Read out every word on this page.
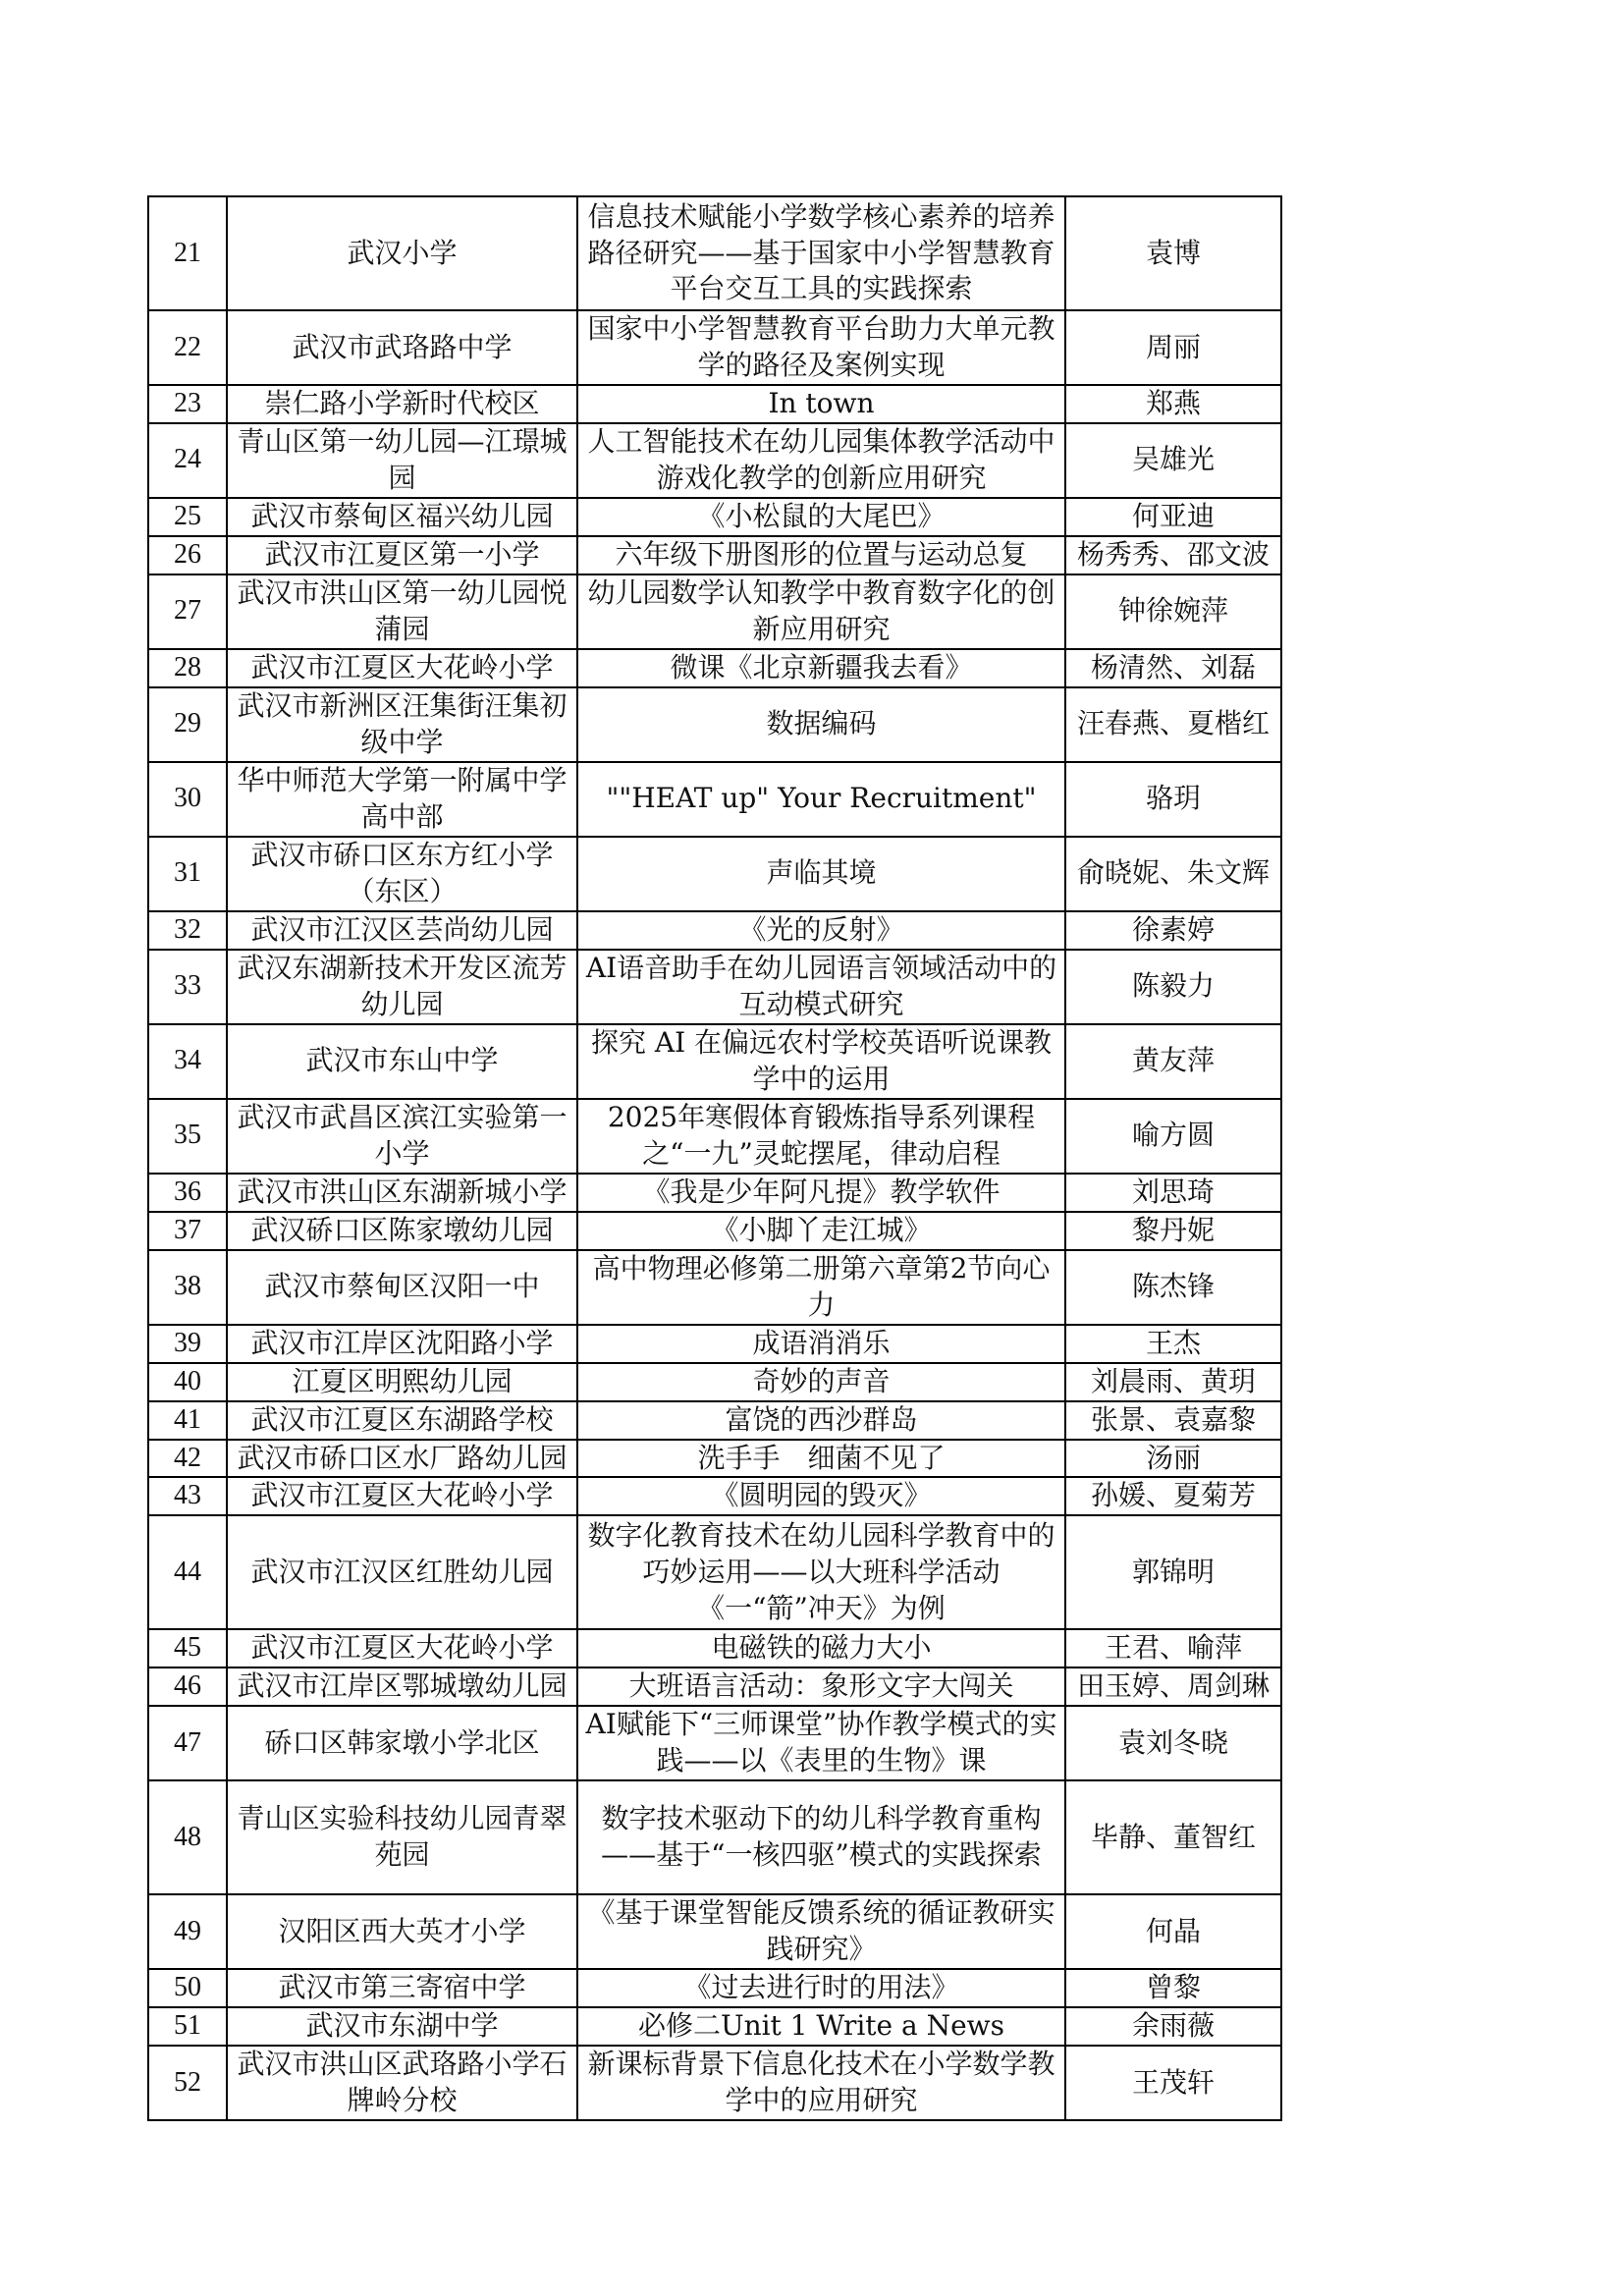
21	武汉小学	信息技术赋能小学数学核心素养的培养路径研究——基于国家中小学智慧教育平台交互工具的实践探索	袁博
22	武汉市武珞路中学	国家中小学智慧教育平台助力大单元教学的路径及案例实现	周丽
23	崇仁路小学新时代校区	In town	郑燕
24	青山区第一幼儿园—江璟城园	人工智能技术在幼儿园集体教学活动中游戏化教学的创新应用研究	吴雄光
25	武汉市蔡甸区福兴幼儿园	《小松鼠的大尾巴》	何亚迪
26	武汉市江夏区第一小学	六年级下册图形的位置与运动总复	杨秀秀、邵文波
27	武汉市洪山区第一幼儿园悦蒲园	幼儿园数学认知教学中教育数字化的创新应用研究	钟徐婉萍
28	武汉市江夏区大花岭小学	微课《北京新疆我去看》	杨清然、刘磊
29	武汉市新洲区汪集街汪集初级中学	数据编码	汪春燕、夏楷红
30	华中师范大学第一附属中学高中部	""HEAT up" Your Recruitment"	骆玥
31	武汉市硚口区东方红小学（东区）	声临其境	俞晓妮、朱文辉
32	武汉市江汉区芸尚幼儿园	《光的反射》	徐素婷
33	武汉东湖新技术开发区流芳幼儿园	AI语音助手在幼儿园语言领域活动中的互动模式研究	陈毅力
34	武汉市东山中学	探究 AI 在偏远农村学校英语听说课教学中的运用	黄友萍
35	武汉市武昌区滨江实验第一小学	2025年寒假体育锻炼指导系列课程之“一九”灵蛇摆尾，律动启程	喻方圆
36	武汉市洪山区东湖新城小学	《我是少年阿凡提》教学软件	刘思琦
37	武汉硚口区陈家墩幼儿园	《小脚丫走江城》	黎丹妮
38	武汉市蔡甸区汉阳一中	高中物理必修第二册第六章第2节向心力	陈杰锋
39	武汉市江岸区沈阳路小学	成语消消乐	王杰
40	江夏区明熙幼儿园	奇妙的声音	刘晨雨、黄玥
41	武汉市江夏区东湖路学校	富饶的西沙群岛	张景、袁嘉黎
42	武汉市硚口区水厂路幼儿园	洗手手　细菌不见了	汤丽
43	武汉市江夏区大花岭小学	《圆明园的毁灭》	孙媛、夏菊芳
44	武汉市江汉区红胜幼儿园	数字化教育技术在幼儿园科学教育中的巧妙运用——以大班科学活动《一“箭”冲天》为例	郭锦明
45	武汉市江夏区大花岭小学	电磁铁的磁力大小	王君、喻萍
46	武汉市江岸区鄂城墩幼儿园	大班语言活动：象形文字大闯关	田玉婷、周剑琳
47	硚口区韩家墩小学北区	AI赋能下“三师课堂”协作教学模式的实践——以《表里的生物》课	袁刘冬晓
48	青山区实验科技幼儿园青翠苑园	数字技术驱动下的幼儿科学教育重构——基于“一核四驱”模式的实践探索	毕静、董智红
49	汉阳区西大英才小学	《基于课堂智能反馈系统的循证教研实践研究》	何晶
50	武汉市第三寄宿中学	《过去进行时的用法》	曾黎
51	武汉市东湖中学	必修二Unit 1 Write a News	余雨薇
52	武汉市洪山区武珞路小学石牌岭分校	新课标背景下信息化技术在小学数学教学中的应用研究	王茂轩
